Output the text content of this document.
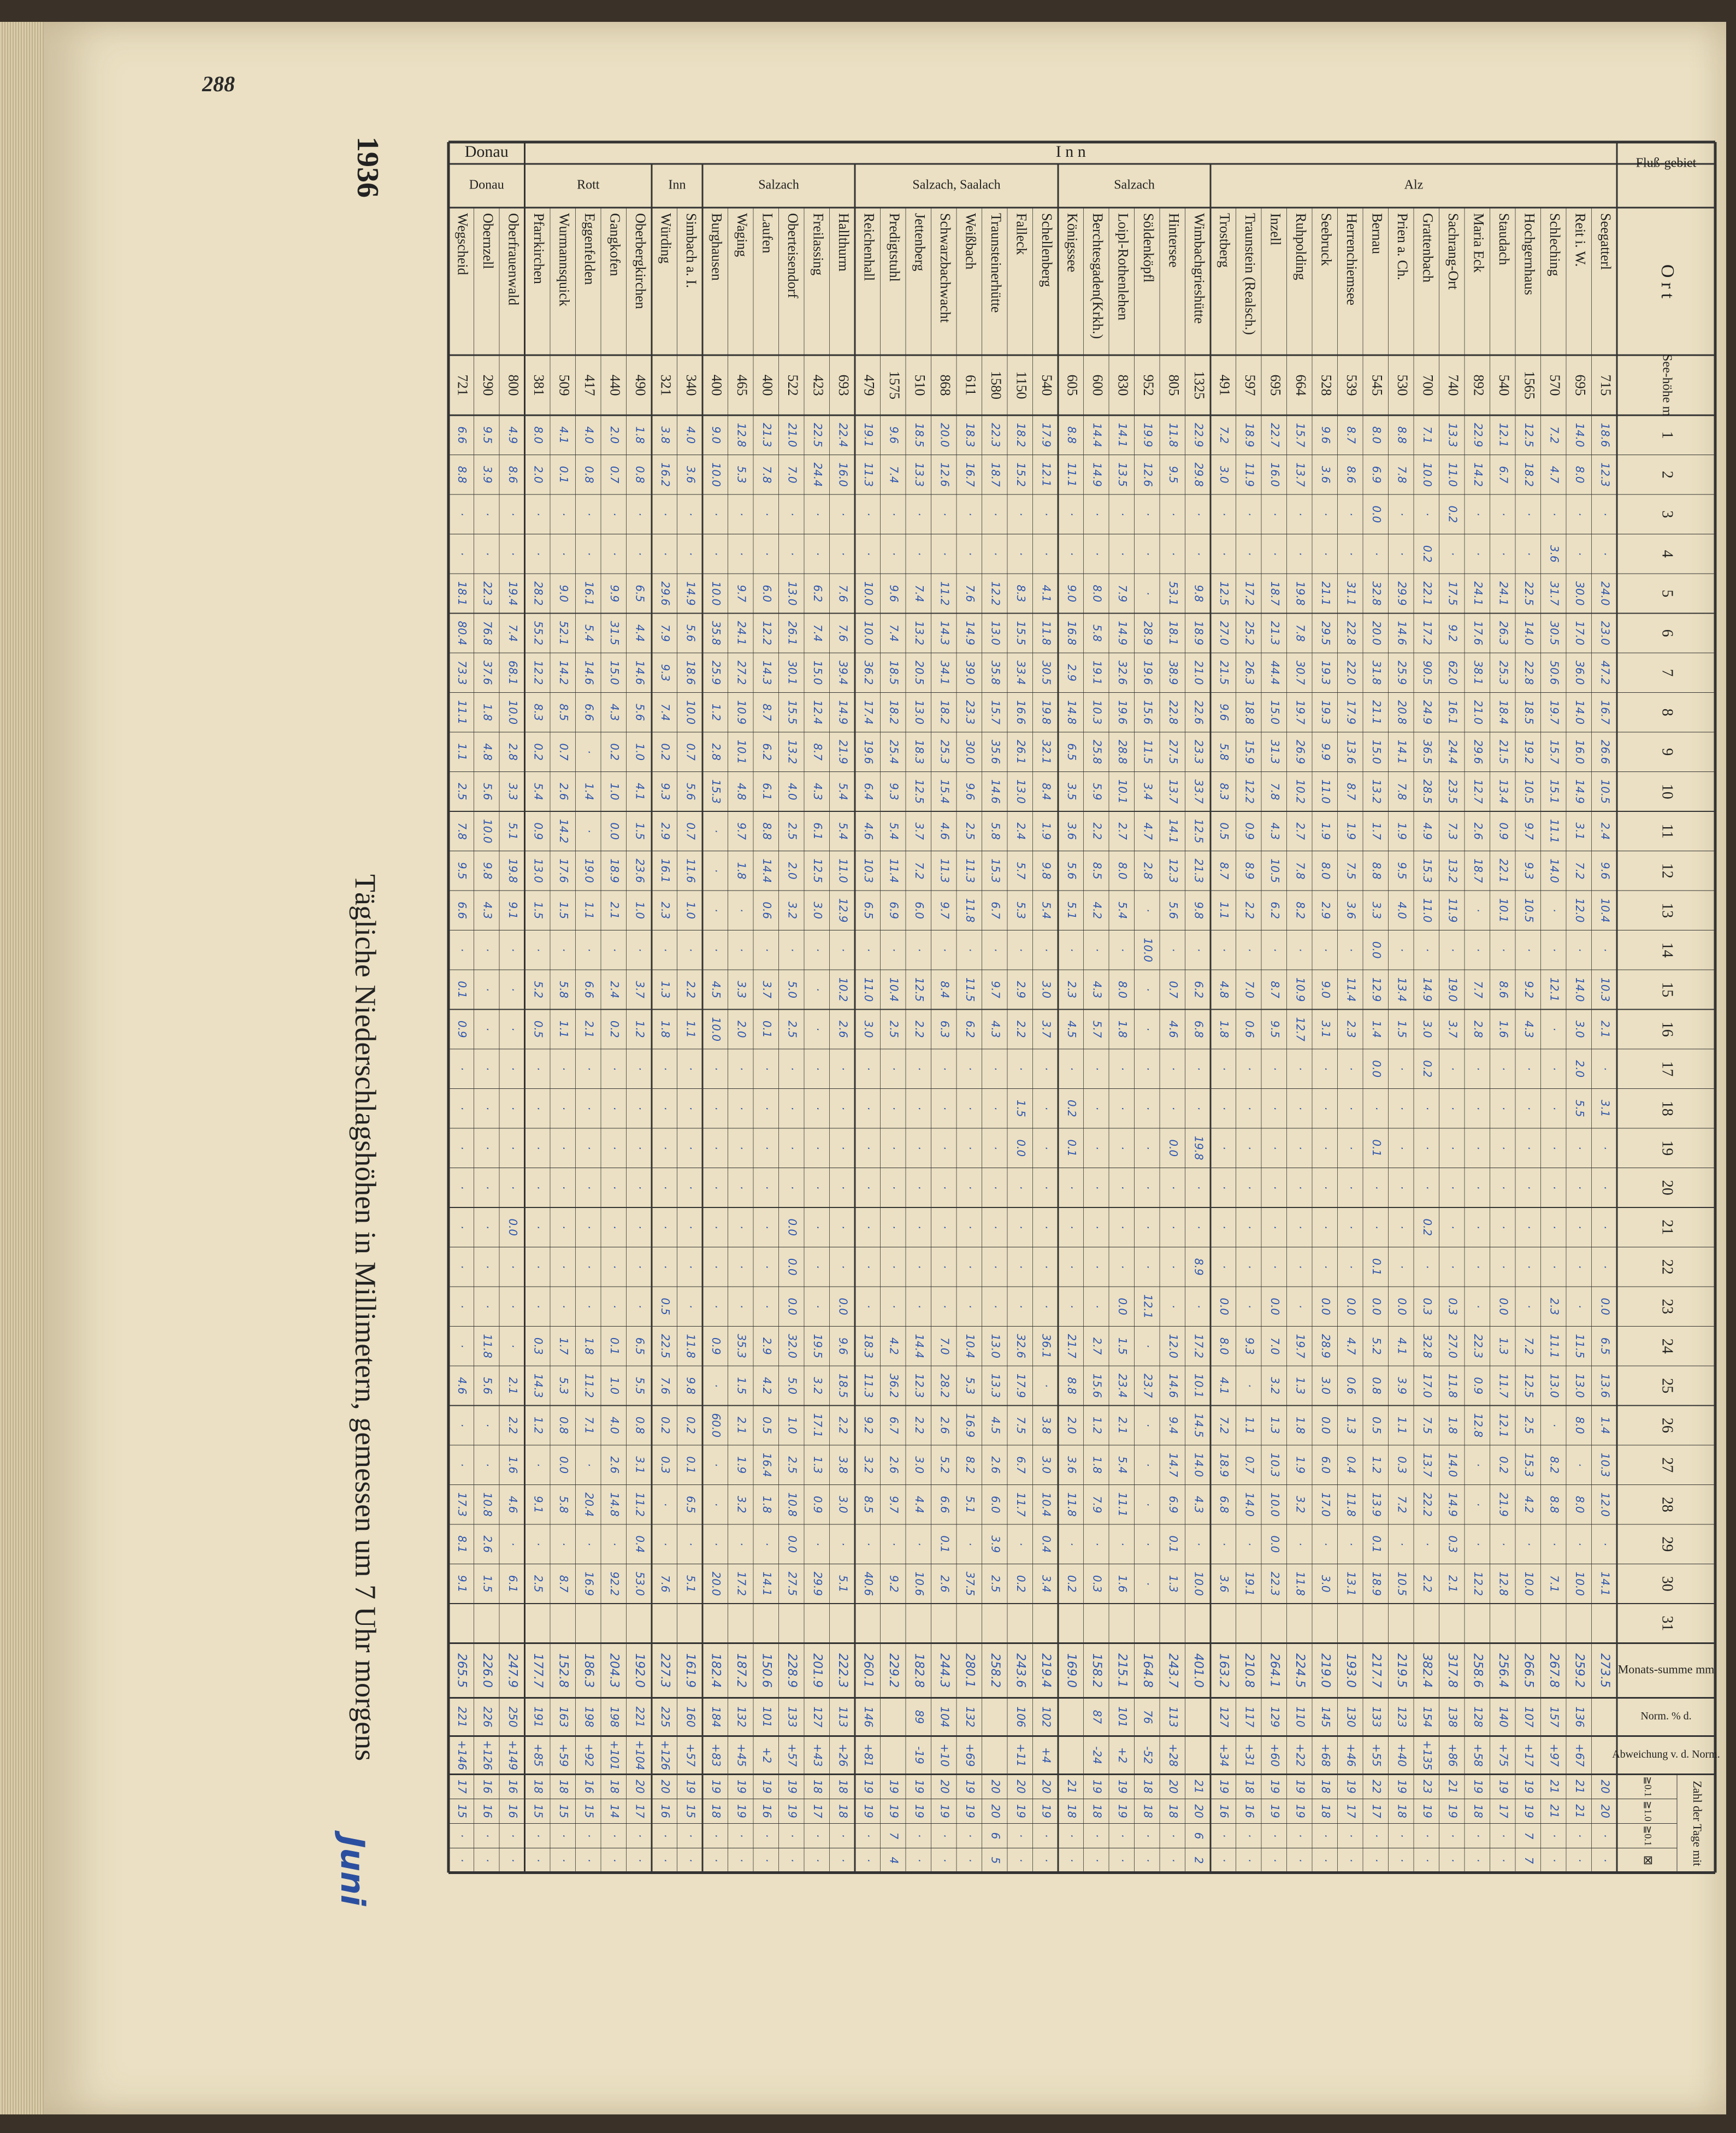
288
1936
Tägliche Niederschlagshöhen in Millimetern, gemessen um 7 Uhr morgens
Juni
Fluß-gebiet
O r t
See-höhe m
1
2
3
4
5
6
7
8
9
10
11
12
13
14
15
16
17
18
19
20
21
22
23
24
25
26
27
28
29
30
31
Monats-summe mm
Norm. % d.
Abweichung v. d. Norm.
Zahl der Tage mit
≧0.1
≧1.0
≧0.1
⊠
Alz
Salzach
Salzach, Saalach
Salzach
Inn
Rott
Donau
I n n
Donau
Seegatterl
715
18.6
12.3
·
·
24.0
23.0
47.2
16.7
26.6
10.5
2.4
9.6
10.4
·
10.3
2.1
·
3.1
·
·
·
·
0.0
6.5
13.6
1.4
10.3
12.0
·
14.1
273.5
20
20
·
·
Reit i. W.
695
14.0
8.0
·
·
30.0
17.0
36.0
14.0
16.0
14.9
3.1
7.2
12.0
·
14.0
3.0
2.0
5.5
·
·
·
·
·
11.5
13.0
8.0
·
8.0
·
10.0
259.2
136
+67
21
21
·
·
Schleching
570
7.2
4.7
·
3.6
31.7
30.5
50.6
19.7
15.7
15.1
11.1
14.0
·
·
12.1
·
·
·
·
·
·
·
2.3
11.1
13.0
·
8.2
8.8
·
7.1
267.8
157
+97
21
21
·
·
Hochgernhaus
1565
12.5
18.2
·
·
22.5
14.0
22.8
18.5
19.2
10.5
9.7
9.3
10.5
·
9.2
4.3
·
·
·
·
·
·
·
7.2
12.5
2.5
15.3
4.2
·
10.0
266.5
107
+17
19
19
7
7
Staudach
540
12.1
6.7
·
·
24.1
26.3
25.3
18.4
21.5
13.4
0.9
22.1
10.1
·
8.6
1.6
·
·
·
·
·
·
0.0
1.3
11.7
12.1
0.2
21.9
·
12.8
256.4
140
+75
19
17
·
·
Maria Eck
892
22.9
14.2
·
·
24.1
17.6
38.1
21.0
29.6
12.7
2.6
18.7
·
·
7.7
2.8
·
·
·
·
·
·
·
22.3
0.9
12.8
·
·
·
12.2
258.6
128
+58
19
18
·
·
Sachrang-Ort
740
13.3
11.0
0.2
·
17.5
9.2
62.0
16.1
24.4
23.5
7.3
13.2
11.9
·
19.0
3.7
·
·
·
·
·
·
0.3
27.0
11.8
1.8
14.0
14.9
0.3
2.1
317.8
138
+86
21
19
·
·
Grattenbach
700
7.1
10.0
·
0.2
22.1
17.2
90.5
24.9
36.5
28.5
4.9
15.3
11.0
·
14.9
3.0
0.2
·
·
·
0.2
·
0.3
32.8
17.0
7.5
13.7
22.2
·
2.2
382.4
154
+135
23
19
·
·
Prien a. Ch.
530
8.8
7.8
·
·
29.9
14.6
25.9
20.8
14.1
7.8
1.9
9.5
4.0
·
13.4
1.5
·
·
·
·
·
·
0.0
4.1
3.9
1.1
0.3
7.2
·
10.5
219.5
123
+40
19
18
·
·
Bernau
545
8.0
6.9
0.0
·
32.8
20.0
31.8
21.1
15.0
13.2
1.7
8.8
3.3
0.0
12.9
1.4
0.0
·
0.1
·
·
0.1
0.0
5.2
0.8
0.5
1.2
13.9
0.1
18.9
217.7
133
+55
22
17
·
·
Herrenchiemsee
539
8.7
8.6
·
·
31.1
22.8
22.0
17.9
13.6
8.7
1.9
7.5
3.6
·
11.4
2.3
·
·
·
·
·
·
0.0
4.7
0.6
1.3
0.4
11.8
·
13.1
193.0
130
+46
19
17
·
·
Seebruck
528
9.6
3.6
·
·
21.1
29.5
19.3
19.3
9.9
11.0
1.9
8.0
2.9
·
9.0
3.1
·
·
·
·
·
·
0.0
28.9
3.0
0.0
6.0
17.0
·
3.0
219.0
145
+68
18
18
·
·
Ruhpolding
664
15.7
13.7
·
·
19.8
7.8
30.7
19.7
26.9
10.2
2.7
7.8
8.2
·
10.9
12.7
·
·
·
·
·
·
·
19.7
1.3
1.8
1.9
3.2
·
11.8
224.5
110
+22
19
19
·
·
Inzell
695
22.7
16.0
·
·
18.7
21.3
44.4
15.0
31.3
7.8
4.3
10.5
6.2
·
8.7
9.5
·
·
·
·
·
·
0.0
7.0
3.2
1.3
10.3
10.0
0.0
22.3
264.1
129
+60
19
19
·
·
Traunstein (Realsch.)
597
18.9
11.9
·
·
17.2
25.2
26.3
18.8
15.9
12.2
0.9
8.9
2.2
·
7.0
0.6
·
·
·
·
·
·
·
9.3
·
1.1
0.7
14.0
·
19.1
210.8
117
+31
18
16
·
·
Trostberg
491
7.2
3.0
·
·
12.5
27.0
21.5
9.6
5.8
8.3
0.5
8.7
1.1
·
4.8
1.8
·
·
·
·
·
·
0.0
8.0
4.1
7.2
18.9
6.8
·
3.6
163.2
127
+34
19
16
·
·
Wimbachgrieshütte
1325
22.9
29.8
·
·
9.8
18.9
21.0
22.6
23.3
33.7
12.5
21.3
9.8
·
6.2
6.8
·
·
19.8
·
·
8.9
·
17.2
10.1
14.5
14.0
4.3
·
10.0
401.0
21
20
6
2
Hintersee
805
11.8
9.5
·
·
53.1
18.1
38.9
22.8
27.5
13.7
14.1
12.3
5.6
·
0.7
4.6
·
·
0.0
·
·
·
·
12.0
14.6
9.4
14.7
6.9
0.1
1.3
243.7
113
+28
20
18
·
·
Söldenköpfl
952
19.9
12.6
·
·
·
28.9
19.6
15.6
11.5
3.4
4.7
2.8
·
10.0
·
·
·
·
·
·
·
·
12.1
·
23.7
·
·
·
·
·
164.8
76
-52
18
18
·
·
Loipl-Rothenlehen
830
14.1
13.5
·
·
7.9
14.9
32.6
19.6
28.8
10.1
2.7
8.0
5.4
·
8.0
1.8
·
·
·
·
·
·
0.0
1.5
23.4
2.1
5.4
11.1
·
1.6
215.1
101
+2
19
19
·
·
Berchtesgaden(Krkh.)
600
14.4
14.9
·
·
8.0
5.8
19.1
10.3
25.8
5.9
2.2
8.5
4.2
·
4.3
5.7
·
·
·
·
·
·
·
2.7
15.6
1.2
1.8
7.9
·
0.3
158.2
87
-24
19
18
·
·
Königssee
605
8.8
11.1
·
·
9.0
16.8
2.9
14.8
6.5
3.5
3.6
5.6
5.1
·
2.3
4.5
·
0.2
0.1
·
·
·
·
21.7
8.8
2.0
3.6
11.8
·
0.2
169.0
21
18
·
·
Schellenberg
540
17.9
12.1
·
·
4.1
11.8
30.5
19.8
32.1
8.4
1.9
9.8
5.4
·
3.0
3.7
·
·
·
·
·
·
·
36.1
·
3.8
3.0
10.4
0.4
3.4
219.4
102
+4
20
19
·
·
Falleck
1150
18.2
15.2
·
·
8.3
15.5
33.4
16.6
26.1
13.0
2.4
5.7
5.3
·
2.9
2.2
·
1.5
0.0
·
·
·
·
32.6
17.9
7.5
6.7
11.7
·
0.2
243.6
106
+11
20
19
·
·
Traunsteinerhütte
1580
22.3
18.7
·
·
12.2
13.0
35.8
15.7
35.6
14.6
5.8
15.3
6.7
·
9.7
4.3
·
·
·
·
·
·
·
13.0
13.3
4.5
2.6
6.0
3.9
2.5
258.2
20
20
6
5
Weißbach
611
18.3
16.7
·
·
7.6
14.9
39.0
23.3
30.0
9.6
2.5
11.3
11.8
·
11.5
6.2
·
·
·
·
·
·
·
10.4
5.3
16.9
8.2
5.1
·
37.5
280.1
132
+69
19
19
·
·
Schwarzbachwacht
868
20.0
12.6
·
·
11.2
14.3
34.1
18.2
25.3
15.4
4.6
11.3
9.7
·
8.4
6.3
·
·
·
·
·
·
·
7.0
28.2
2.6
5.2
6.6
0.1
2.6
244.3
104
+10
20
19
·
·
Jettenberg
510
18.5
13.3
·
·
7.4
13.2
20.5
13.0
18.3
12.5
3.7
7.2
6.0
·
12.5
2.2
·
·
·
·
·
·
·
14.4
12.3
2.2
3.0
4.4
·
10.6
182.8
89
-19
19
19
·
·
Predigtstuhl
1575
9.6
7.4
·
·
9.6
7.4
18.5
18.2
25.4
9.3
5.4
11.4
6.9
·
10.4
2.5
·
·
·
·
·
·
·
4.2
36.2
6.7
2.6
9.7
·
9.2
229.2
19
19
7
4
Reichenhall
479
19.1
11.3
·
·
10.0
10.0
36.2
17.4
19.6
6.4
4.6
10.3
6.5
·
11.0
3.0
·
·
·
·
·
·
·
18.3
11.3
9.2
3.2
8.5
·
40.6
260.1
146
+81
19
19
·
·
Hallthurm
693
22.4
16.0
·
·
7.6
7.6
39.4
14.9
21.9
5.4
5.4
11.0
12.9
·
10.2
2.6
·
·
·
·
·
·
0.0
9.6
18.5
2.2
3.8
3.0
·
5.1
222.3
113
+26
18
18
·
·
Freilassing
423
22.5
24.4
·
·
6.2
7.4
15.0
12.4
8.7
4.3
6.1
12.5
3.0
·
·
·
·
·
·
·
·
·
·
19.5
3.2
17.1
1.3
0.9
·
29.9
201.9
127
+43
18
17
·
·
Oberteisendorf
522
21.0
7.0
·
·
13.0
26.1
30.1
15.5
13.2
4.0
2.5
2.0
3.2
·
5.0
2.5
·
·
·
·
0.0
0.0
0.0
32.0
5.0
1.0
2.5
10.8
0.0
27.5
228.9
133
+57
19
19
·
·
Laufen
400
21.3
7.8
·
·
6.0
12.2
14.3
8.7
6.2
6.1
8.8
14.4
0.6
·
3.7
0.1
·
·
·
·
·
·
·
2.9
4.2
0.5
16.4
1.8
·
14.1
150.6
101
+2
19
16
·
·
Waging
465
12.8
5.3
·
·
9.7
24.1
27.2
10.9
10.1
4.8
9.7
1.8
·
·
3.3
2.0
·
·
·
·
·
·
·
35.3
1.5
2.1
1.9
3.2
·
17.2
187.2
132
+45
19
19
·
·
Burghausen
400
9.0
10.0
·
·
10.0
35.8
25.9
1.2
2.8
15.3
·
·
·
·
4.5
10.0
·
·
·
·
·
·
·
0.9
·
60.0
·
·
·
20.0
182.4
184
+83
19
18
·
·
Simbach a. I.
340
4.0
3.6
·
·
14.9
5.6
18.6
10.0
0.7
5.6
0.7
11.6
1.0
·
2.2
1.1
·
·
·
·
·
·
·
11.8
9.8
0.2
0.1
6.5
·
5.1
161.9
160
+57
19
15
·
·
Würding
321
3.8
16.2
·
·
29.6
7.9
9.3
7.4
0.2
9.3
2.9
16.1
2.3
·
1.3
1.8
·
·
·
·
·
·
0.5
22.5
7.6
0.2
0.3
·
·
7.6
227.3
225
+126
20
16
·
·
Oberbergkirchen
490
1.8
0.8
·
·
6.5
4.4
14.6
5.6
1.0
4.1
1.5
23.6
1.0
·
3.7
1.2
·
·
·
·
·
·
·
6.5
5.5
0.8
3.1
11.2
0.4
53.0
192.0
221
+104
20
17
·
·
Gangkofen
440
2.0
0.7
·
·
9.9
31.5
15.0
4.3
0.2
1.0
0.0
18.9
2.1
·
2.4
0.2
·
·
·
·
·
·
·
0.1
1.0
4.0
2.6
14.8
·
92.2
204.3
198
+101
18
14
·
·
Eggenfelden
417
4.0
0.8
·
·
16.1
5.4
14.6
6.6
·
1.4
·
19.0
1.1
·
6.6
2.1
·
·
·
·
·
·
·
1.8
11.2
7.1
·
20.4
·
16.9
186.3
198
+92
16
15
·
·
Wurmannsquick
509
4.1
0.1
·
·
9.0
52.1
14.2
8.5
0.7
2.6
14.2
17.6
1.5
·
5.8
1.1
·
·
·
·
·
·
·
1.7
5.3
0.8
0.0
5.8
·
8.7
152.8
163
+59
18
15
·
·
Pfarrkirchen
381
8.0
2.0
·
·
28.2
55.2
12.2
8.3
0.2
5.4
0.9
13.0
1.5
·
5.2
0.5
·
·
·
·
·
·
·
0.3
14.3
1.2
·
9.1
·
2.5
177.7
191
+85
18
15
·
·
Oberfrauenwald
800
4.9
8.6
·
·
19.4
7.4
68.1
10.0
2.8
3.3
5.1
19.8
9.1
·
·
·
·
·
·
·
0.0
·
·
·
2.1
2.2
1.6
4.6
·
6.1
247.9
250
+149
16
16
·
·
Obernzell
290
9.5
3.9
·
·
22.3
76.8
37.6
1.8
4.8
5.6
10.0
9.8
4.3
·
·
·
·
·
·
·
·
·
·
11.8
5.6
·
·
10.8
2.6
1.5
226.0
226
+126
16
16
·
·
Wegscheid
721
6.6
8.8
·
·
18.1
80.4
73.3
11.1
1.1
2.5
7.8
9.5
6.6
·
0.1
0.9
·
·
·
·
·
·
·
·
4.6
·
·
17.3
8.1
9.1
265.5
221
+146
17
15
·
·
